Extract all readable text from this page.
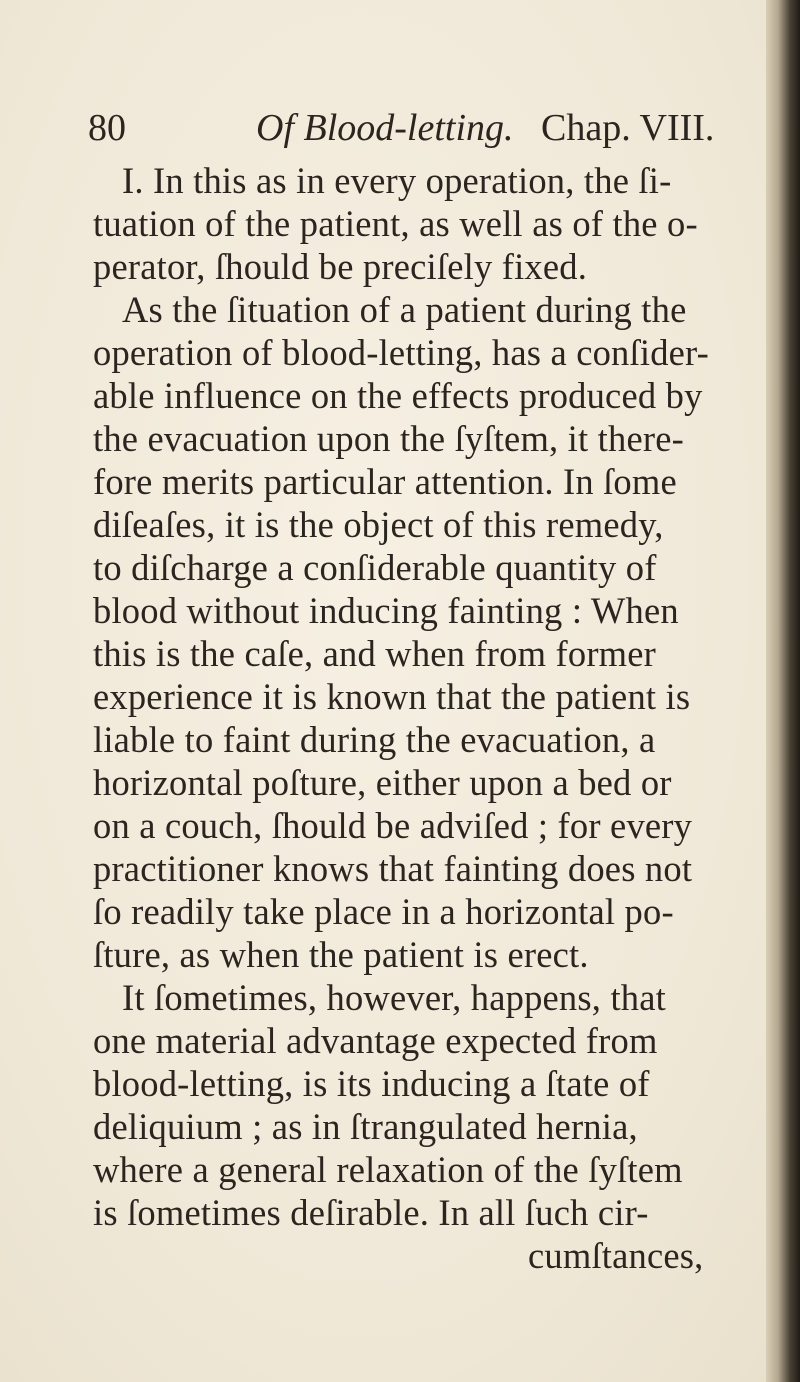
80	Of Blood-letting. Chap. VIII.
I. In this as in every operation, the ſi-
tuation of the patient, as well as of the o-
perator, ſhould be preciſely fixed.
As the ſituation of a patient during the
operation of blood-letting, has a conſider-
able influence on the effects produced by
the evacuation upon the ſyſtem, it there-
fore merits particular attention. In ſome
diſeaſes, it is the object of this remedy,
to diſcharge a conſiderable quantity of
blood without inducing fainting : When
this is the caſe, and when from former
experience it is known that the patient is
liable to faint during the evacuation, a
horizontal poſture, either upon a bed or
on a couch, ſhould be adviſed ; for every
practitioner knows that fainting does not
ſo readily take place in a horizontal po-
ſture, as when the patient is erect.
It ſometimes, however, happens, that
one material advantage expected from
blood-letting, is its inducing a ſtate of
deliquium ; as in ſtrangulated hernia,
where a general relaxation of the ſyſtem
is ſometimes deſirable. In all ſuch cir-
cumſtances,
